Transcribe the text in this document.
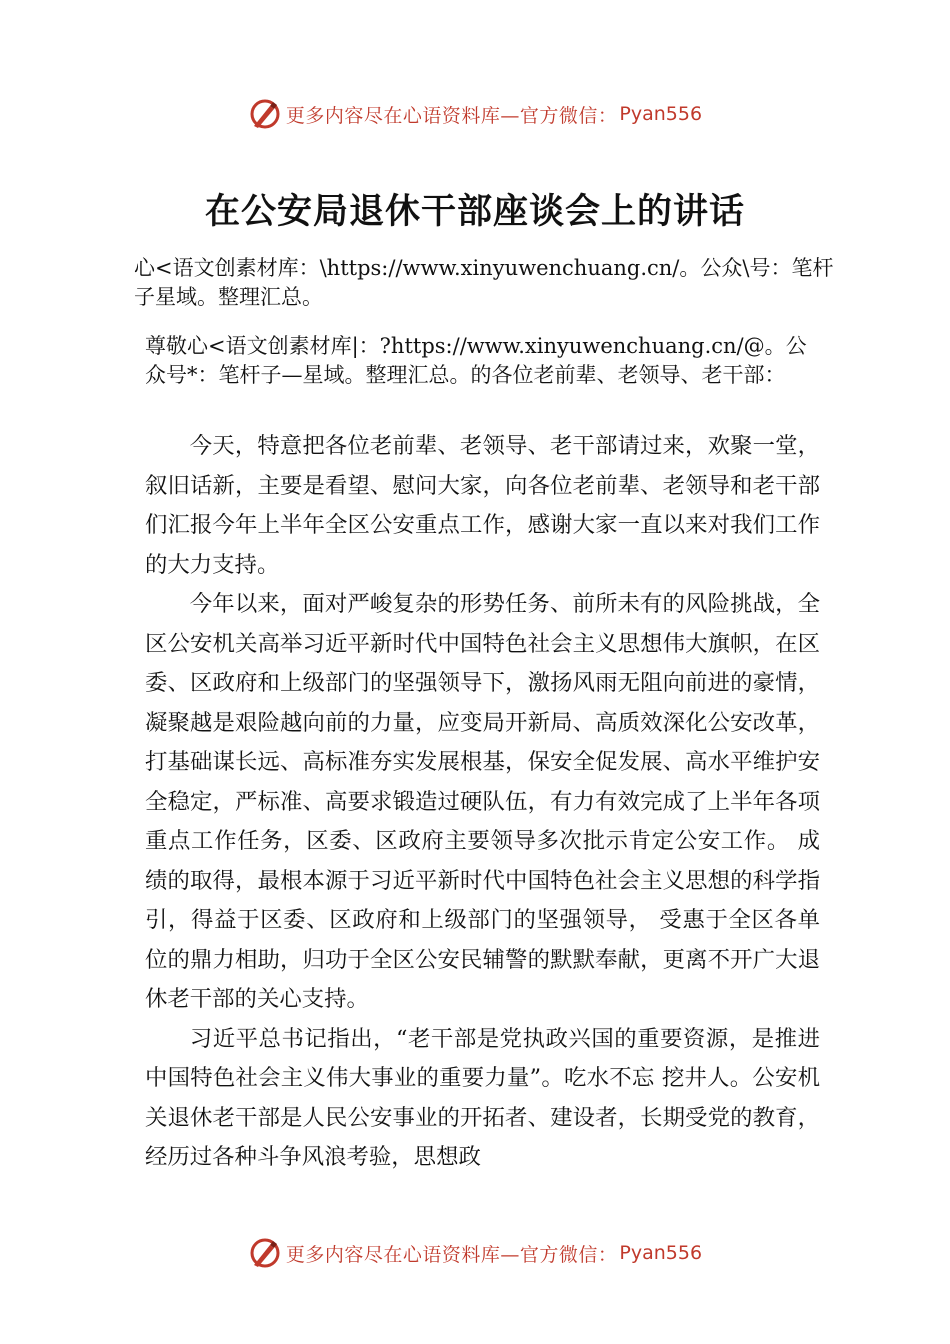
更多内容尽在心语资料库—官方微信： Pyan556
在公安局退休干部座谈会上的讲话
心<语文创素材库：\https://www.xinyuwenchuang.cn/。公众\号：笔杆子星域。整理汇总。
尊敬心<语文创素材库|：?https://www.xinyuwenchuang.cn/@。公众号*：笔杆子—星域。整理汇总。的各位老前辈、老领导、老干部：

今天，特意把各位老前辈、老领导、老干部请过来，欢聚一堂，叙旧话新，主要是看望、慰问大家，向各位老前辈、老领导和老干部们汇报今年上半年全区公安重点工作，感谢大家一直以来对我们工作的大力支持。

今年以来，面对严峻复杂的形势任务、前所未有的风险挑战，全区公安机关高举习近平新时代中国特色社会主义思想伟大旗帜，在区委、区政府和上级部门的坚强领导下，激扬风雨无阻向前进的豪情，凝聚越是艰险越向前的力量，应变局开新局、高质效深化公安改革，打基础谋长远、高标准夯实发展根基，保安全促发展、高水平维护安全稳定，严标准、高要求锻造过硬队伍，有力有效完成了上半年各项重点工作任务，区委、区政府主要领导多次批示肯定公安工作。 成绩的取得，最根本源于习近平新时代中国特色社会主义思想的科学指引，得益于区委、区政府和上级部门的坚强领导， 受惠于全区各单位的鼎力相助，归功于全区公安民辅警的默默奉献，更离不开广大退休老干部的关心支持。

习近平总书记指出，“老干部是党执政兴国的重要资源，是推进中国特色社会主义伟大事业的重要力量”。吃水不忘 挖井人。公安机关退休老干部是人民公安事业的开拓者、建设者，长期受党的教育，经历过各种斗争风浪考验，思想政

更多内容尽在心语资料库—官方微信： Pyan556
